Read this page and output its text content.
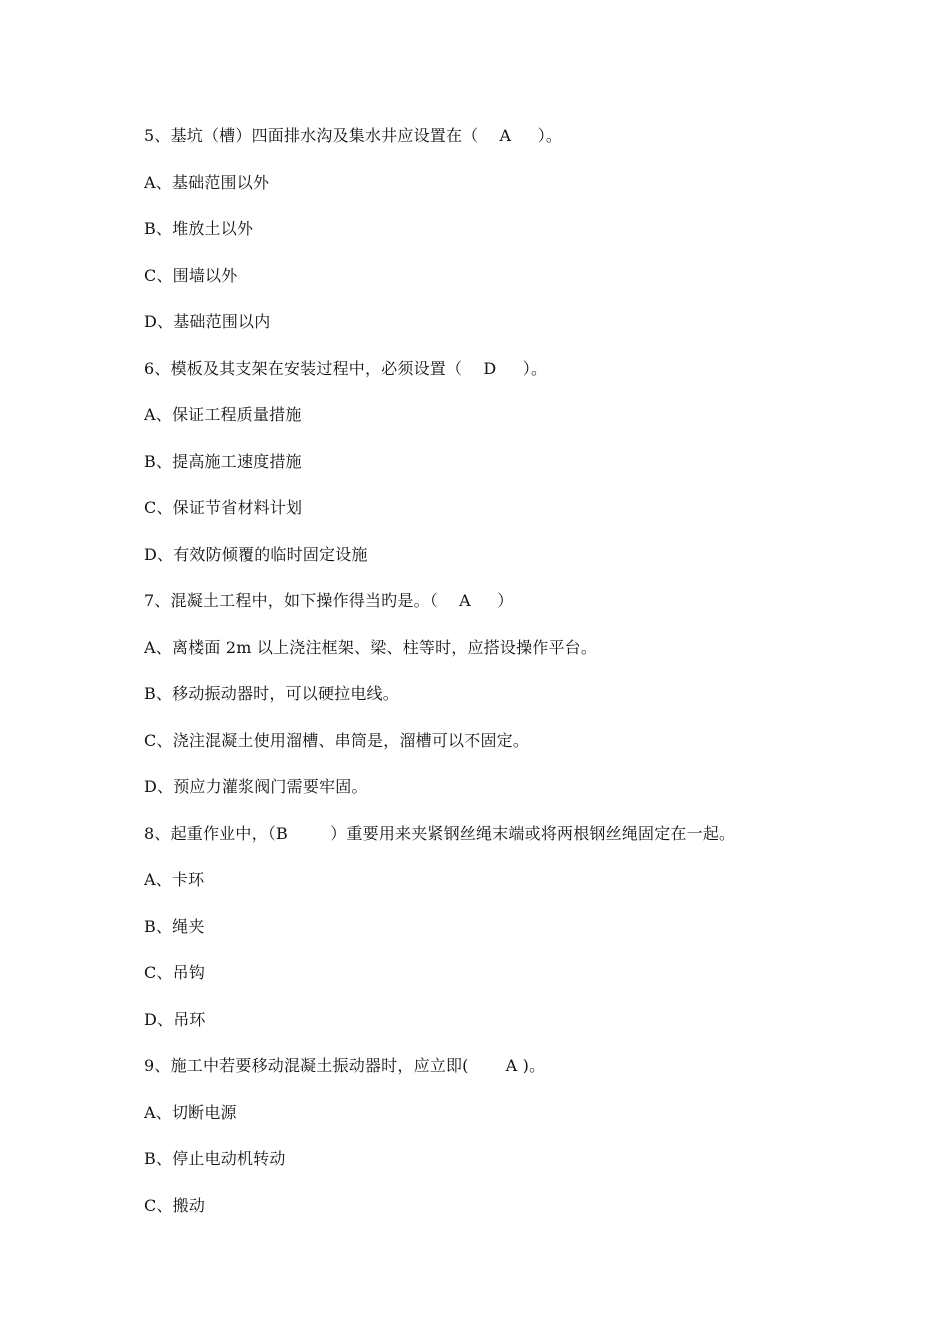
5、基坑（槽）四面排水沟及集水井应设置在（    A     ）。
A、基础范围以外
B、堆放土以外
C、围墙以外
D、基础范围以内
6、模板及其支架在安装过程中，必须设置（    D     ）。
A、保证工程质量措施
B、提高施工速度措施
C、保证节省材料计划
D、有效防倾覆的临时固定设施
7、混凝土工程中，如下操作得当旳是。（    A     ）
A、离楼面 2m 以上浇注框架、梁、柱等时，应搭设操作平台。
B、移动振动器时，可以硬拉电线。
C、浇注混凝土使用溜槽、串筒是，溜槽可以不固定。
D、预应力灌浆阀门需要牢固。
8、起重作业中，（B        ）重要用来夹紧钢丝绳末端或将两根钢丝绳固定在一起。
A、卡环
B、绳夹
C、吊钩
D、吊环
9、施工中若要移动混凝土振动器时，应立即(       A )。
A、切断电源
B、停止电动机转动
C、搬动
